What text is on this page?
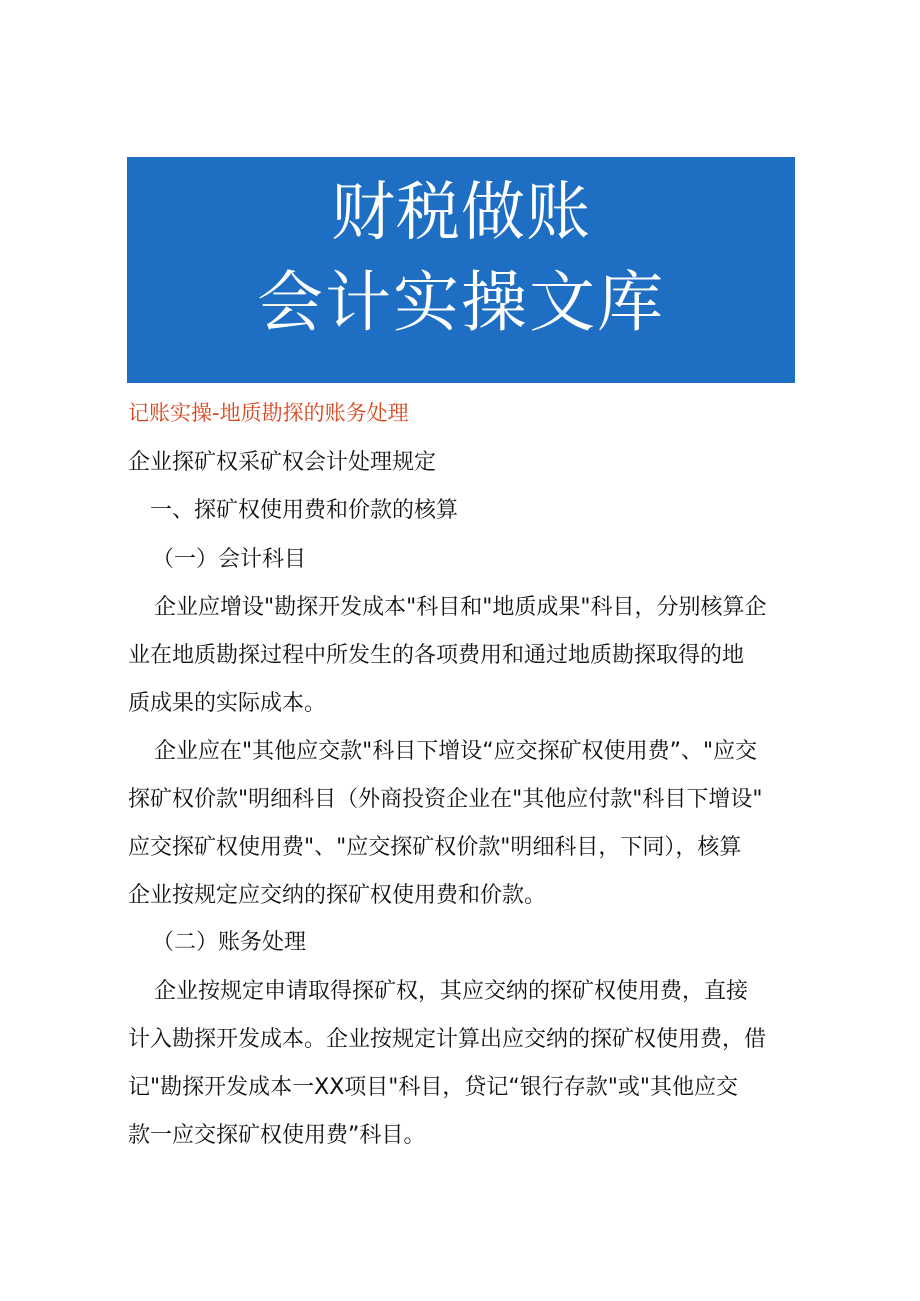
财税做账
会计实操文库
记账实操-地质勘探的账务处理
企业探矿权采矿权会计处理规定
一、探矿权使用费和价款的核算
（一）会计科目
企业应增设"勘探开发成本"科目和"地质成果"科目，分别核算企
业在地质勘探过程中所发生的各项费用和通过地质勘探取得的地
质成果的实际成本。
企业应在"其他应交款"科目下增设“应交探矿权使用费”、"应交
探矿权价款"明细科目（外商投资企业在"其他应付款"科目下增设"
应交探矿权使用费"、"应交探矿权价款"明细科目，下同），核算
企业按规定应交纳的探矿权使用费和价款。
（二）账务处理
企业按规定申请取得探矿权，其应交纳的探矿权使用费，直接
计入勘探开发成本。企业按规定计算出应交纳的探矿权使用费，借
记"勘探开发成本一XX项目"科目，贷记“银行存款"或"其他应交
款一应交探矿权使用费”科目。
